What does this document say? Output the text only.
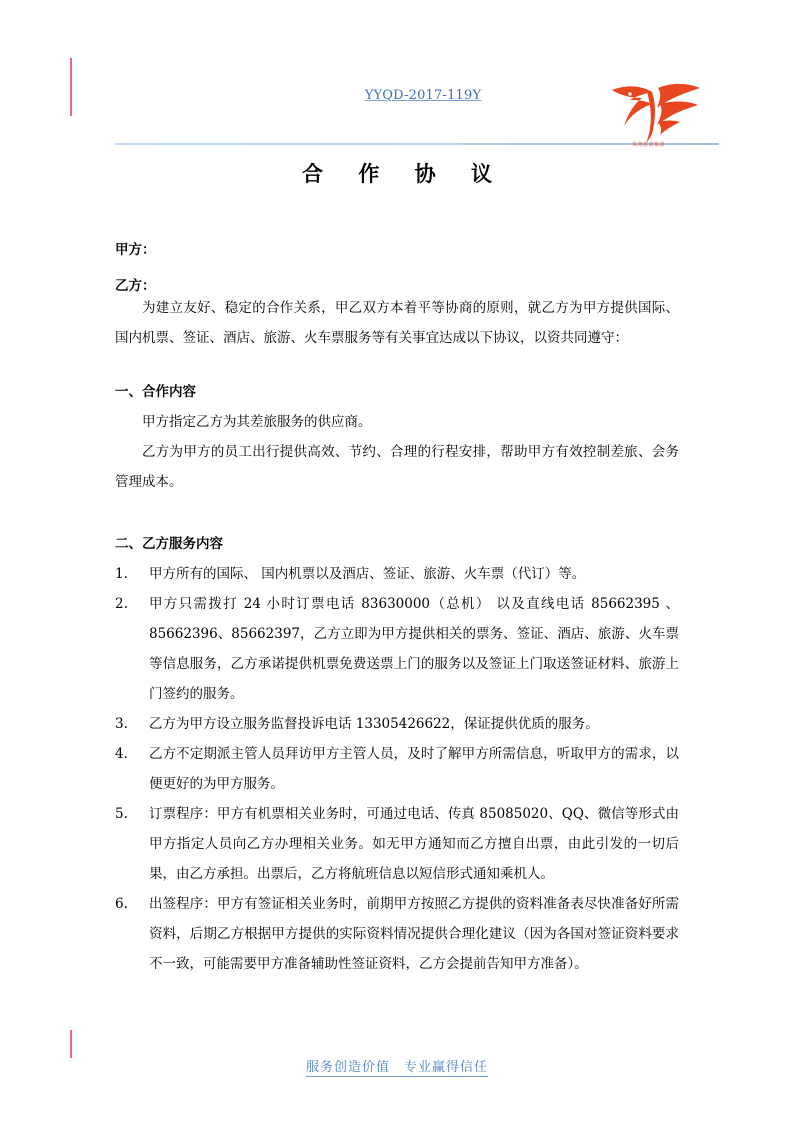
YYQD-2017-119Y
凤翔旅游集团
合 作 协 议

甲方：

乙方：

为建立友好、稳定的合作关系，甲乙双方本着平等协商的原则，就乙方为甲方提供国际、国内机票、签证、酒店、旅游、火车票服务等有关事宜达成以下协议，以资共同遵守：

一、合作内容

甲方指定乙方为其差旅服务的供应商。

乙方为甲方的员工出行提供高效、节约、合理的行程安排，帮助甲方有效控制差旅、会务管理成本。

二、乙方服务内容
1.	甲方所有的国际、 国内机票以及酒店、签证、旅游、火车票（代订）等。
2.	甲方只需拨打 24 小时订票电话 83630000（总机） 以及直线电话 85662395 、85662396、85662397，乙方立即为甲方提供相关的票务、签证、酒店、旅游、火车票等信息服务，乙方承诺提供机票免费送票上门的服务以及签证上门取送签证材料、旅游上门签约的服务。
3.	乙方为甲方设立服务监督投诉电话 13305426622，保证提供优质的服务。
4.	乙方不定期派主管人员拜访甲方主管人员，及时了解甲方所需信息，听取甲方的需求，以便更好的为甲方服务。
5.	订票程序：甲方有机票相关业务时，可通过电话、传真 85085020、QQ、微信等形式由甲方指定人员向乙方办理相关业务。如无甲方通知而乙方擅自出票，由此引发的一切后果，由乙方承担。出票后，乙方将航班信息以短信形式通知乘机人。
6.	出签程序：甲方有签证相关业务时，前期甲方按照乙方提供的资料准备表尽快准备好所需资料，后期乙方根据甲方提供的实际资料情况提供合理化建议（因为各国对签证资料要求不一致，可能需要甲方准备辅助性签证资料，乙方会提前告知甲方准备）。
服务创造价值　专业赢得信任
